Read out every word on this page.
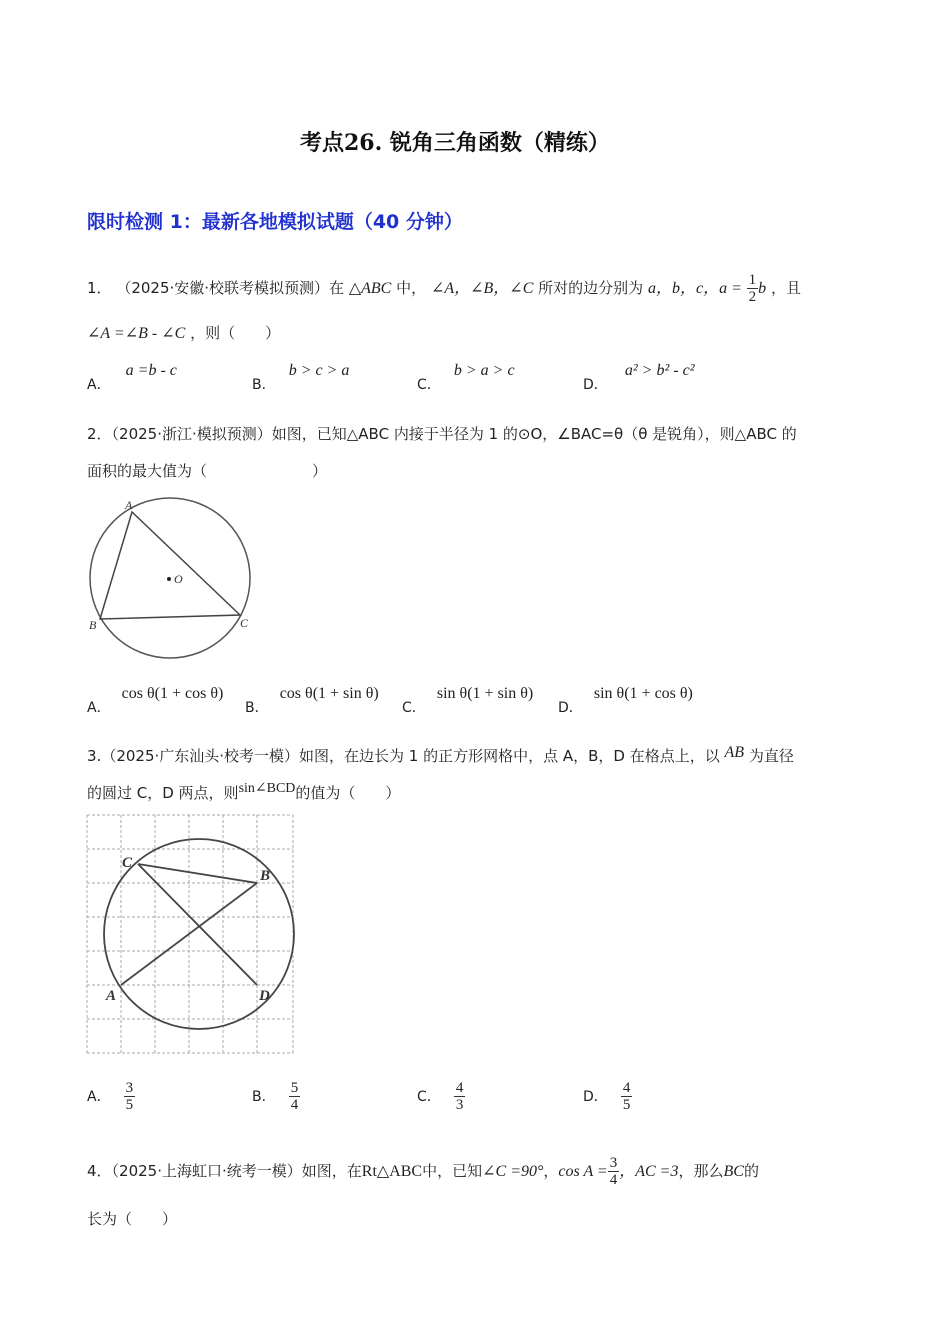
考点26. 锐角三角函数（精练）
限时检测 1：最新各地模拟试题（40 分钟）
1． （2025·安徽·校联考模拟预测）在 △ABC 中， ∠A，∠B，∠C 所对的边分别为 a，b，c，$a = \frac{1}{2}$ b ，且
∠A =∠B - ∠C ，则（　　）
A． a =b - c
B． b > c > a
C． b > a > c
D． a² > b² - c²
2．（2025·浙江·模拟预测）如图，已知△ABC 内接于半径为 1 的⊙O，∠BAC=θ（θ 是锐角），则△ABC 的
面积的最大值为（　　　　　　　）
A
B	C
O
A． cos θ(1 + cos θ)
B． cos θ(1 + sin θ)
C． sin θ(1 + sin θ)
D． sin θ(1 + cos θ)
3.（2025·广东汕头·校考一模）如图，在边长为 1 的正方形网格中，点 A，B，D 在格点上，以 AB 为直径
的圆过 C，D 两点，则sin∠BCD的值为（　　）
C
B
A	D
A． $\frac{3}{5}$	B． $\frac{5}{4}$	C． $\frac{4}{3}$	D． $\frac{4}{5}$
4．（2025·上海虹口·统考一模）如图，在Rt△ABC中，已知∠C =90°，$\cos A = \frac{3}{4}$ ，AC =3，那么BC的
长为（　　）
